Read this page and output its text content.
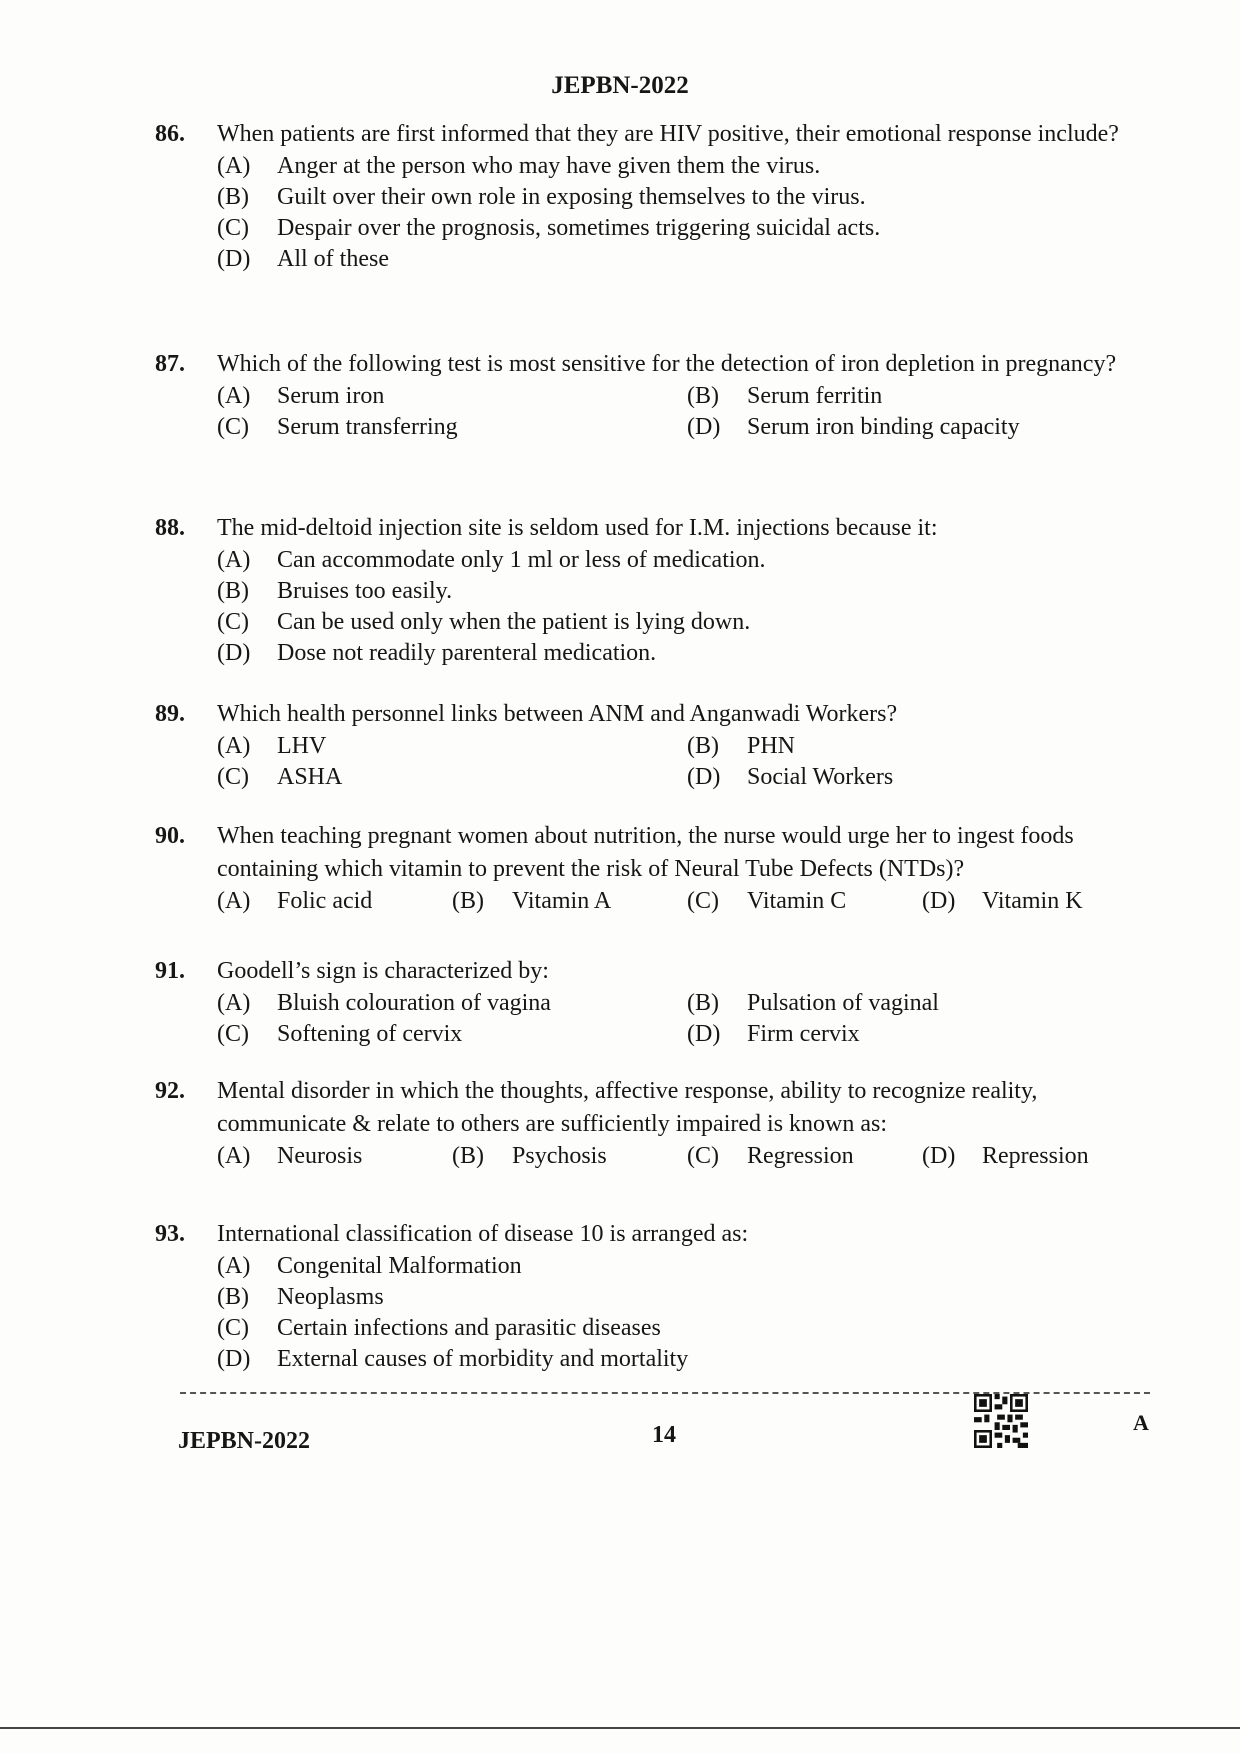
JEPBN-2022
86.	When patients are first informed that they are HIV positive, their emotional response include?
(A)	Anger at the person who may have given them the virus.
(B)	Guilt over their own role in exposing themselves to the virus.
(C)	Despair over the prognosis, sometimes triggering suicidal acts.
(D)	All of these
87.	Which of the following test is most sensitive for the detection of iron depletion in pregnancy?
(A)	Serum iron	(B)	Serum ferritin
(C)	Serum transferring	(D)	Serum iron binding capacity
88.	The mid-deltoid injection site is seldom used for I.M. injections because it:
(A)	Can accommodate only 1 ml or less of medication.
(B)	Bruises too easily.
(C)	Can be used only when the patient is lying down.
(D)	Dose not readily parenteral medication.
89.	Which health personnel links between ANM and Anganwadi Workers?
(A)	LHV	(B)	PHN
(C)	ASHA	(D)	Social Workers
90.	When teaching pregnant women about nutrition, the nurse would urge her to ingest foods containing which vitamin to prevent the risk of Neural Tube Defects (NTDs)?
(A)	Folic acid	(B)	Vitamin A	(C)	Vitamin C	(D)	Vitamin K
91.	Goodell’s sign is characterized by:
(A)	Bluish colouration of vagina	(B)	Pulsation of vaginal
(C)	Softening of cervix	(D)	Firm cervix
92.	Mental disorder in which the thoughts, affective response, ability to recognize reality, communicate & relate to others are sufficiently impaired is known as:
(A)	Neurosis	(B)	Psychosis	(C)	Regression	(D)	Repression
93.	International classification of disease 10 is arranged as:
(A)	Congenital Malformation
(B)	Neoplasms
(C)	Certain infections and parasitic diseases
(D)	External causes of morbidity and mortality
JEPBN-2022	14	A
